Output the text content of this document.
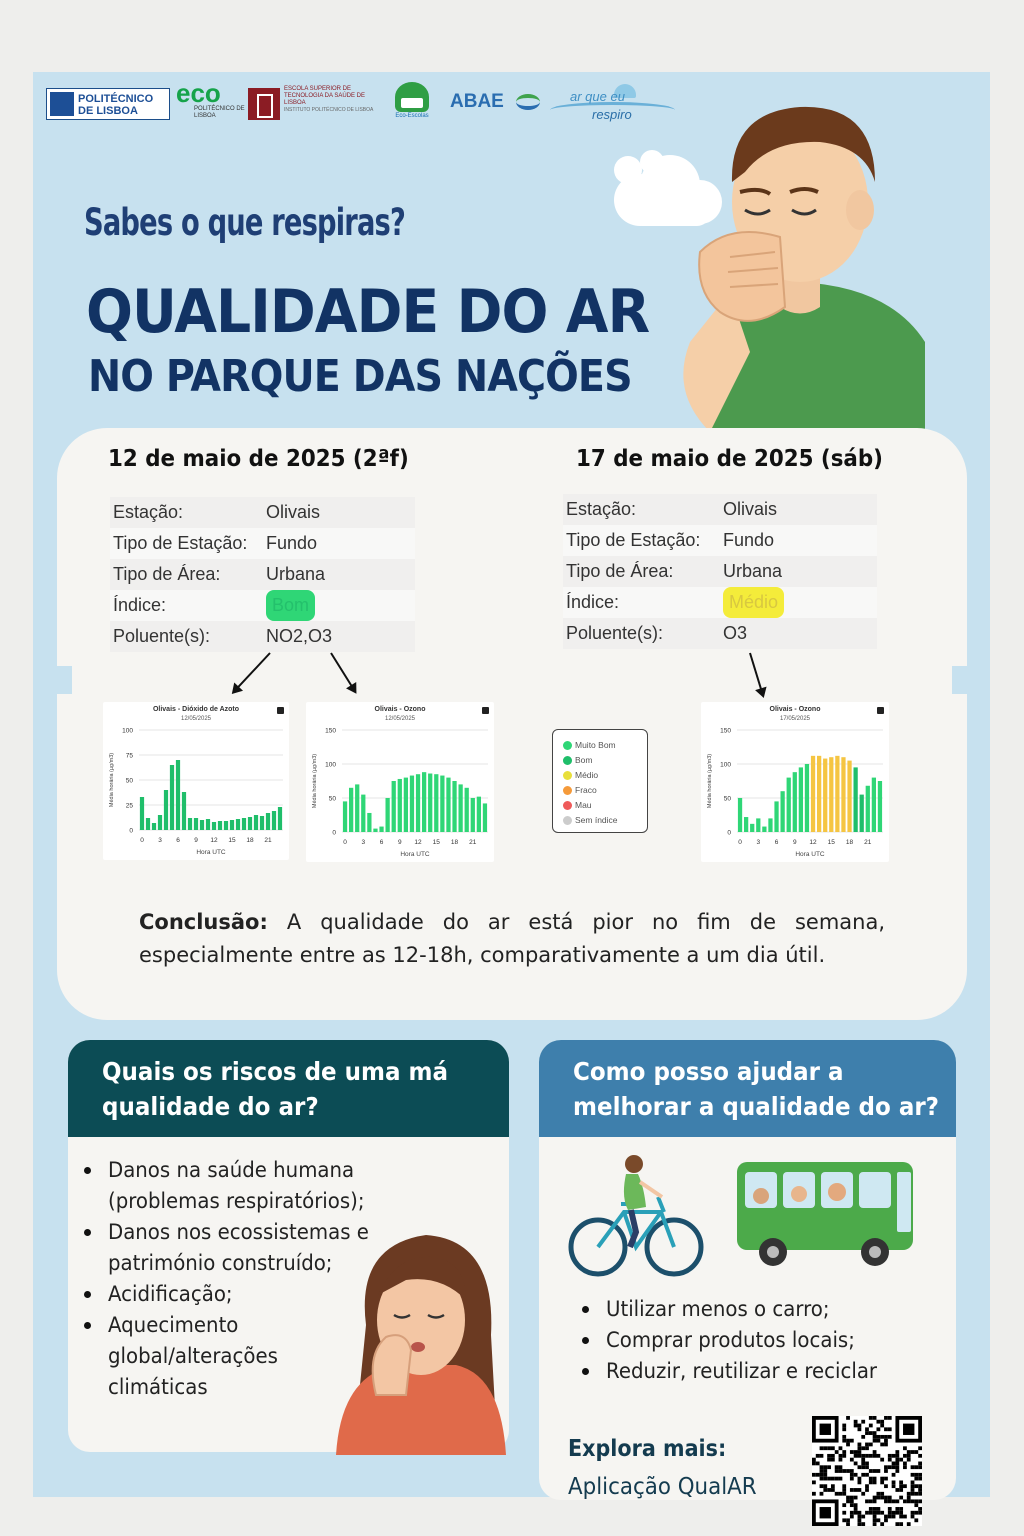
POLITÉCNICO DE LISBOA
eco
POLITÉCNICO DE LISBOA
ESCOLA SUPERIOR DE TECNOLOGIA DA SAÚDE DE LISBOA
INSTITUTO POLITÉCNICO DE LISBOA
Eco-Escolas
ABAE	ar que eu
respiro
Sabes o que respiras?
QUALIDADE DO AR
NO PARQUE DAS NAÇÕES
12 de maio de 2025 (2ªf)	17 de maio de 2025 (sáb)
Estação:	Olivais
Tipo de Estação:	Fundo
Tipo de Área:	Urbana
Índice:	Bom
Poluente(s):	NO2,O3
Estação:	Olivais
Tipo de Estação:	Fundo
Tipo de Área:	Urbana
Índice:	Médio
Poluente(s):	O3
Olivais - Dióxido de Azoto
12/05/2025
0
25
50
75
100
Média horária (µg/m3)
0 3 6 9 12 15 18 21
Hora UTC
Olivais - Ozono
12/05/2025
0
50
100
150
Média horária (µg/m3)
0 3 6 9 12 15 18 21
Hora UTC
Olivais - Ozono
17/05/2025
0
50
100
150
Média horária (µg/m3)
0 3 6 9 12 15 18 21
Hora UTC
Muito Bom
Bom
Médio
Fraco
Mau
Sem índice
Conclusão: A qualidade do ar está pior no fim de semana, especialmente entre as 12-18h, comparativamente a um dia útil.
Quais os riscos de uma má
qualidade do ar?
Danos na saúde humana
(problemas respiratórios);
Danos nos ecossistemas e
património construído;
Acidificação;
Aquecimento
global/alterações
climáticas
Como posso ajudar a
melhorar a qualidade do ar?
Utilizar menos o carro;
Comprar produtos locais;
Reduzir, reutilizar e reciclar
Explora mais:
Aplicação QualAR
